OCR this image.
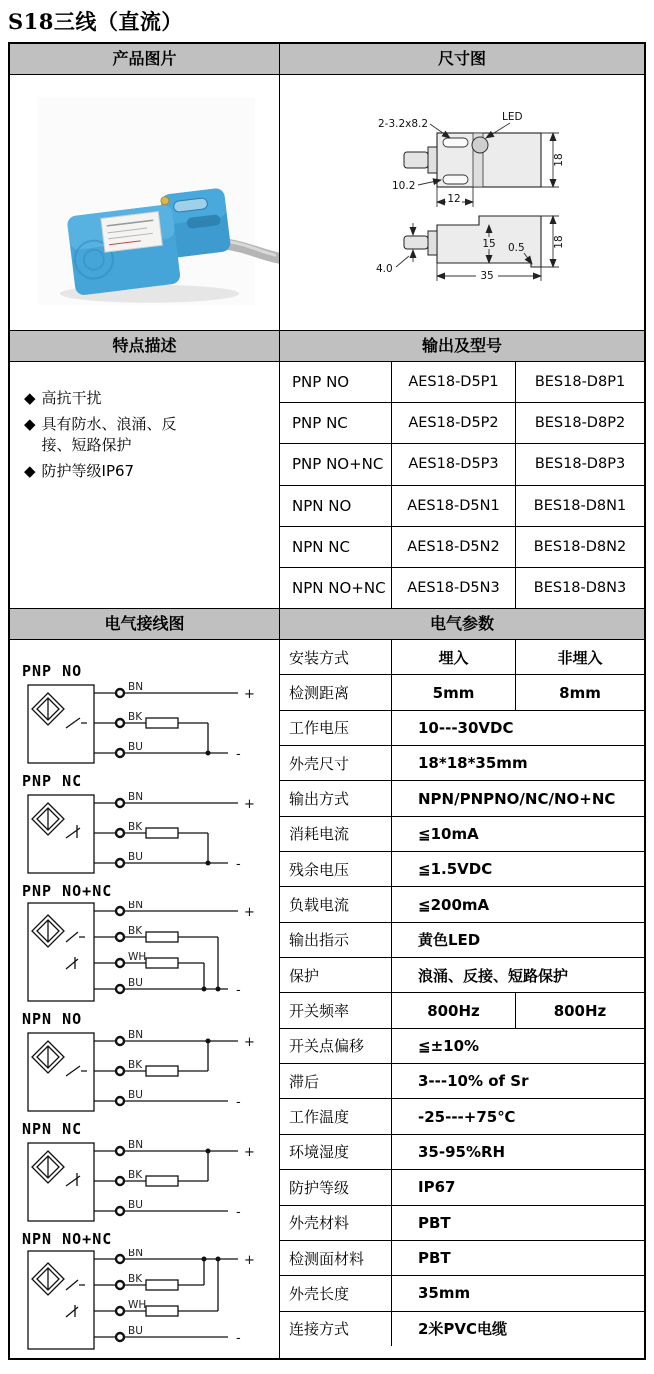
S18三线（直流）
产品图片	尺寸图
18
2-3.2x8.2
LED
10.2
12
15 0.5	18
4.0
35
特点描述	输出及型号
◆ 高抗干扰
◆ 具有防水、浪涌、反接、短路保护
◆ 防护等级IP67
PNP NO	AES18-D5P1	BES18-D8P1
PNP NC	AES18-D5P2	BES18-D8P2
PNP NO+NC	AES18-D5P3	BES18-D8P3
NPN NO	AES18-D5N1	BES18-D8N1
NPN NC	AES18-D5N2	BES18-D8N2
NPN NO+NC	AES18-D5N3	BES18-D8N3
电气接线图	电气参数
PNP NO
BN
BK
BU
+
-
PNP NC
BN
BK
BU
+
-
PNP NO+NC
BN
BK
WH
BU
+
-
NPN NO
BN
BK
BU
+
-
NPN NC
BN
BK
BU
+
-
NPN NO+NC
BN
BK
WH
BU
+
-
安装方式	埋入	非埋入
检测距离	5mm	8mm
工作电压	10---30VDC
外壳尺寸	18*18*35mm
输出方式	NPN/PNPNO/NC/NO+NC
消耗电流	≦10mA
残余电压	≦1.5VDC
负载电流	≦200mA
输出指示	黄色LED
保护	浪涌、反接、短路保护
开关频率	800Hz	800Hz
开关点偏移	≦±10%
滞后	3---10% of Sr
工作温度	-25---+75℃
环境湿度	35-95%RH
防护等级	IP67
外壳材料	PBT
检测面材料	PBT
外壳长度	35mm
连接方式	2米PVC电缆
